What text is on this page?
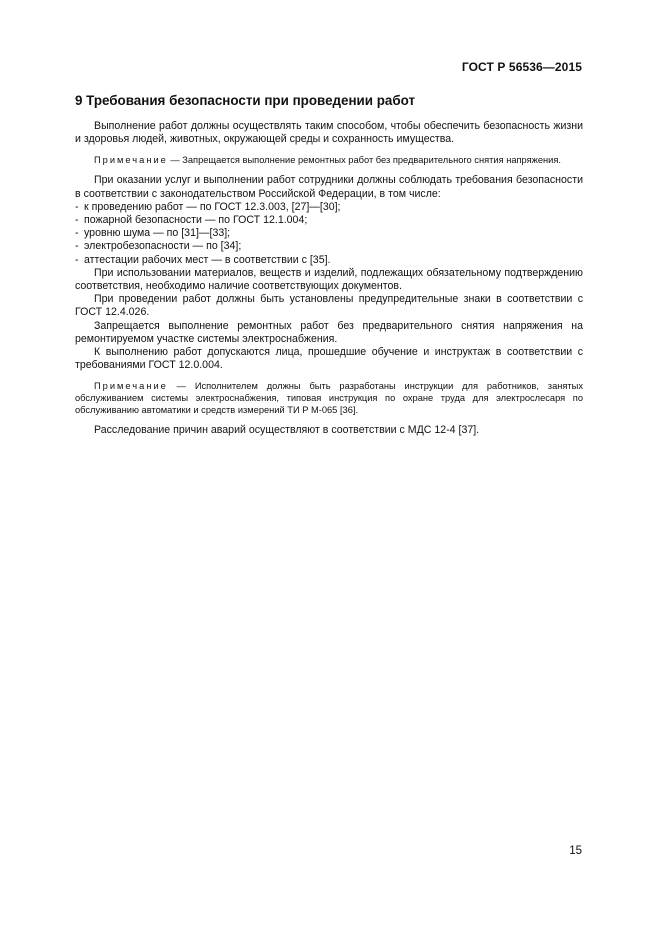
ГОСТ Р 56536—2015
9 Требования безопасности при проведении работ

Выполнение работ должны осуществлять таким способом, чтобы обеспечить безопасность жизни и здоровья людей, животных, окружающей среды и сохранность имущества.

Примечание — Запрещается выполнение ремонтных работ без предварительного снятия напряжения.

При оказании услуг и выполнении работ сотрудники должны соблюдать требования безопасности в соответствии с законодательством Российской Федерации, в том числе:

- к проведению работ — по ГОСТ 12.3.003, [27]—[30];
- пожарной безопасности — по ГОСТ 12.1.004;
- уровню шума — по [31]—[33];
- электробезопасности — по [34];
- аттестации рабочих мест — в соответствии с [35].

При использовании материалов, веществ и изделий, подлежащих обязательному подтверждению соответствия, необходимо наличие соответствующих документов.

При проведении работ должны быть установлены предупредительные знаки в соответствии с ГОСТ 12.4.026.

Запрещается выполнение ремонтных работ без предварительного снятия напряжения на ремонтируемом участке системы электроснабжения.

К выполнению работ допускаются лица, прошедшие обучение и инструктаж в соответствии с требованиями ГОСТ 12.0.004.

Примечание — Исполнителем должны быть разработаны инструкции для работников, занятых обслуживанием системы электроснабжения, типовая инструкция по охране труда для электрослесаря по обслуживанию автоматики и средств измерений ТИ Р М-065 [36].

Расследование причин аварий осуществляют в соответствии с МДС 12-4 [37].

15
